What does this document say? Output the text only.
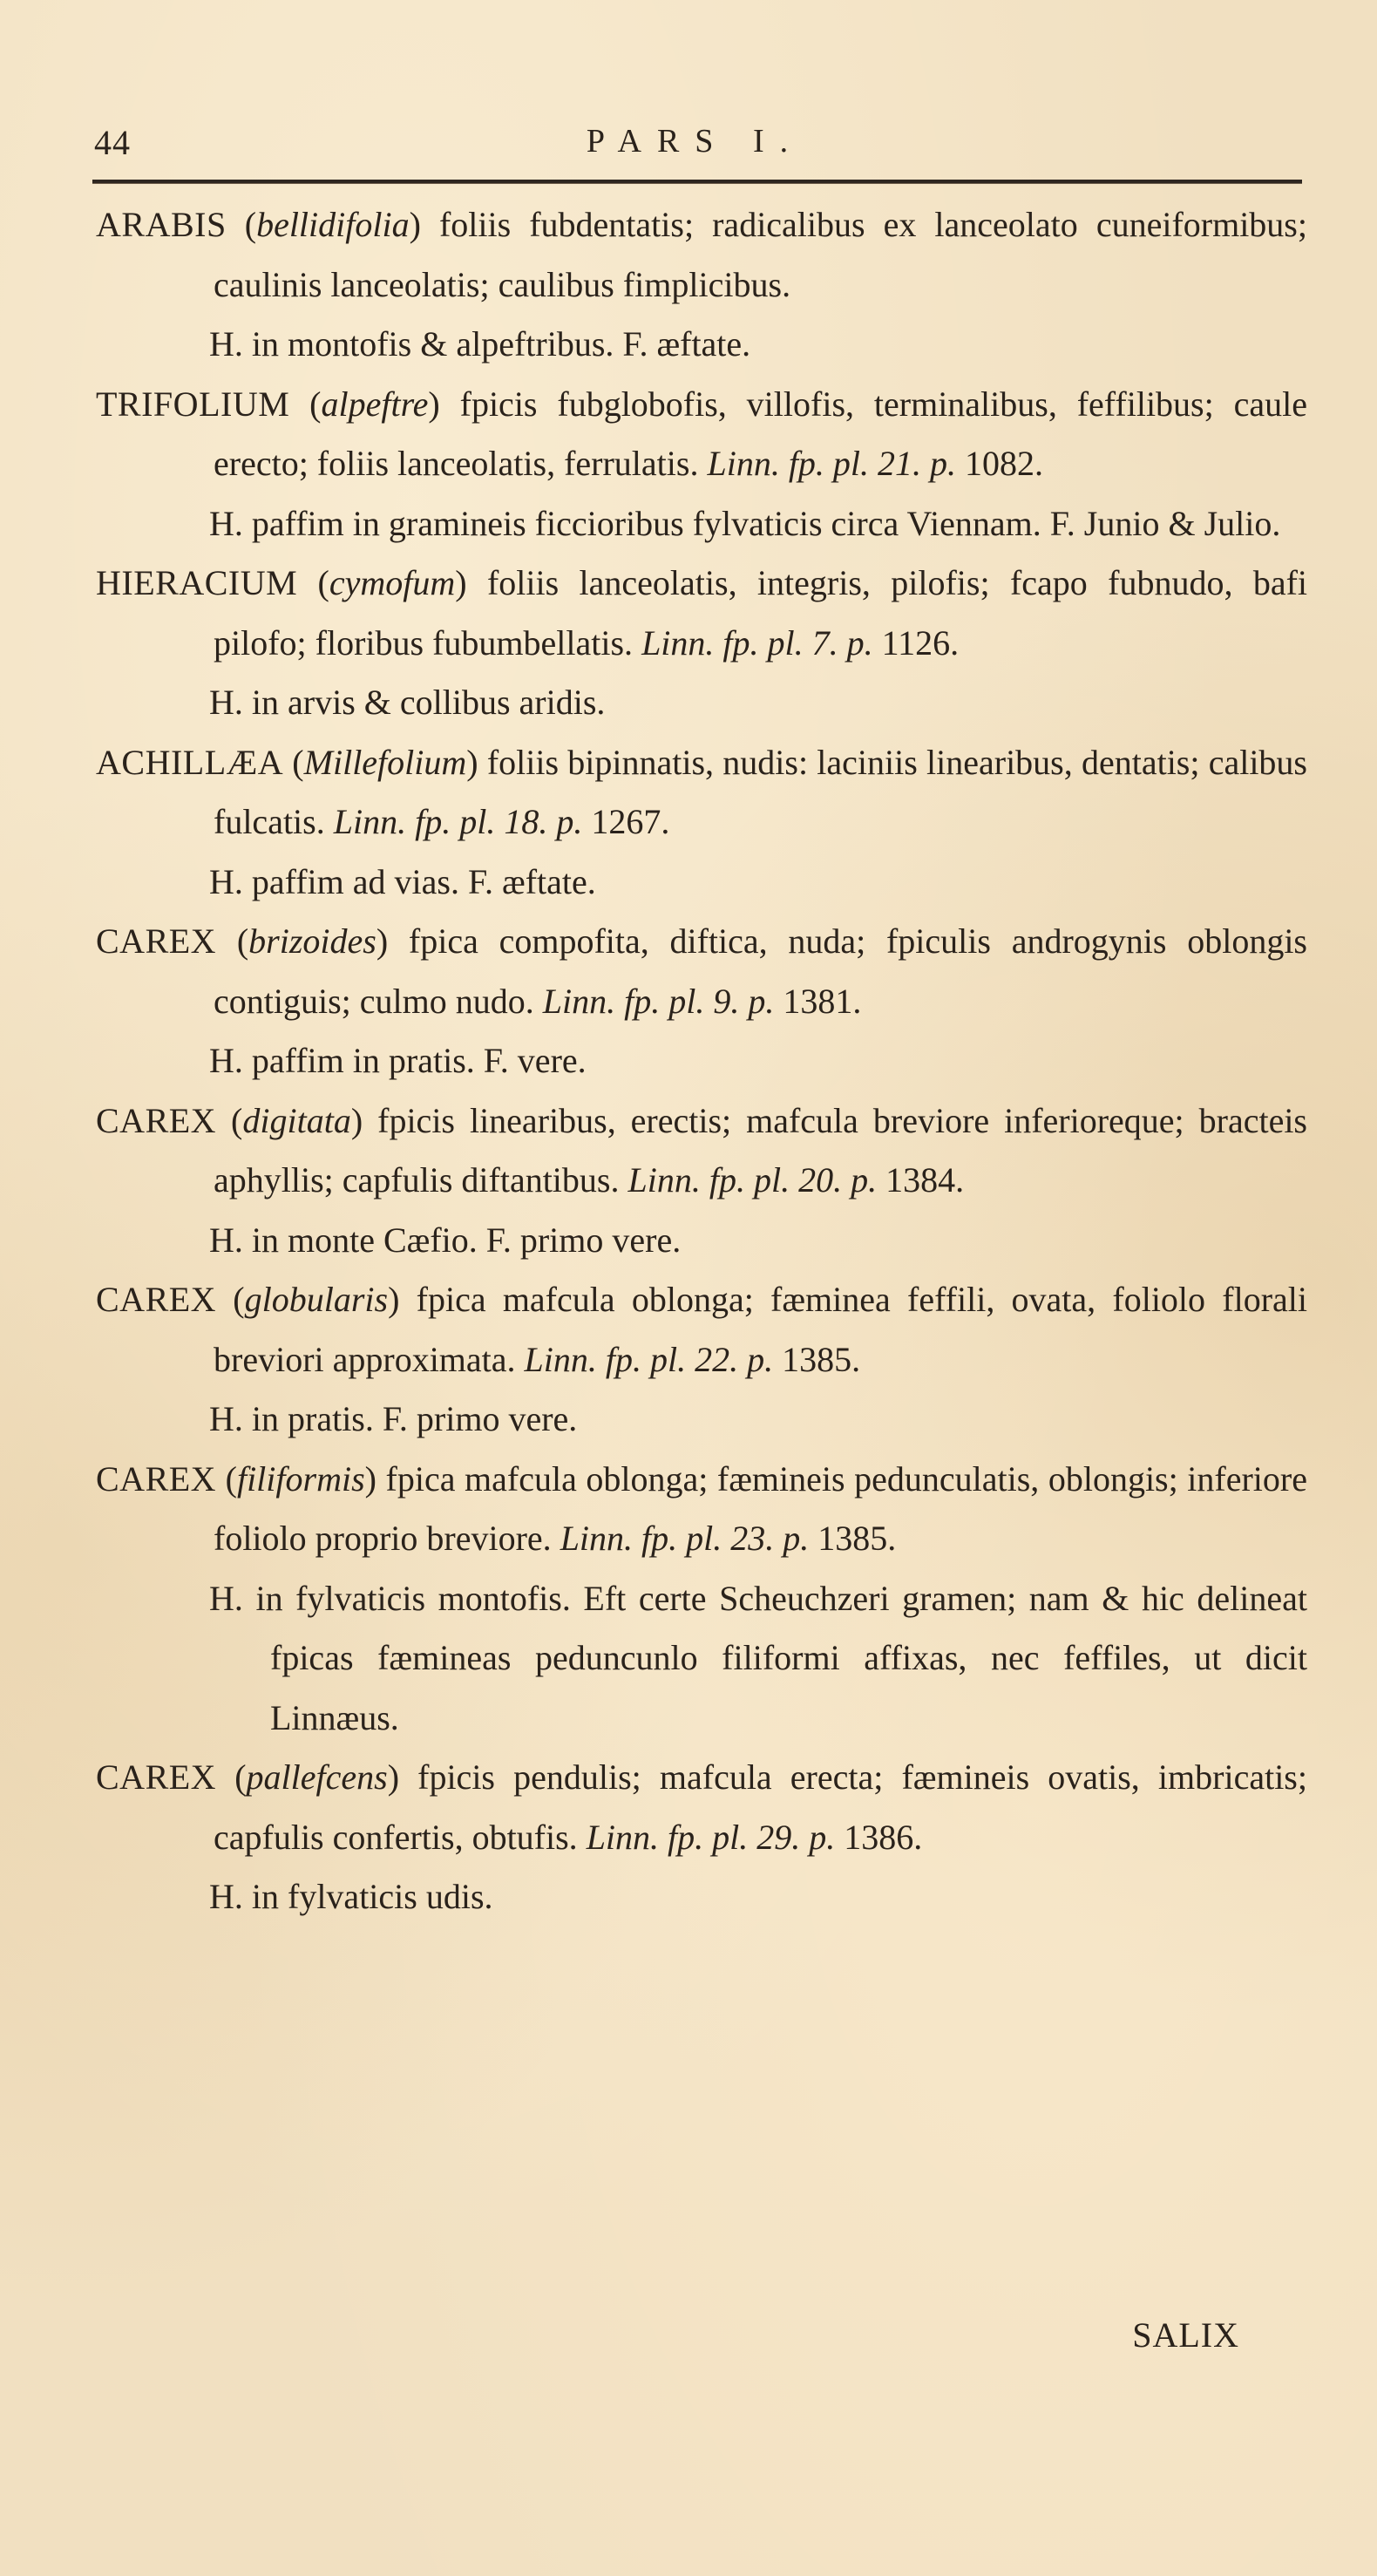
44	PARS I.

ARABIS (bellidifolia) foliis fubdentatis; radicalibus ex lanceolato cuneiformibus; caulinis lanceolatis; caulibus fimplicibus.

H. in montofis & alpeftribus. F. æftate.

TRIFOLIUM (alpeftre) fpicis fubglobofis, villofis, terminalibus, feffilibus; caule erecto; foliis lanceolatis, ferrulatis. Linn. fp. pl. 21. p. 1082.

H. paffim in gramineis ficcioribus fylvaticis circa Viennam. F. Junio & Julio.

HIERACIUM (cymofum) foliis lanceolatis, integris, pilofis; fcapo fubnudo, bafi pilofo; floribus fubumbellatis. Linn. fp. pl. 7. p. 1126.

H. in arvis & collibus aridis.

ACHILLÆA (Millefolium) foliis bipinnatis, nudis: laciniis linearibus, dentatis; calibus fulcatis. Linn. fp. pl. 18. p. 1267.

H. paffim ad vias. F. æftate.

CAREX (brizoides) fpica compofita, diftica, nuda; fpiculis androgynis oblongis contiguis; culmo nudo. Linn. fp. pl. 9. p. 1381.

H. paffim in pratis. F. vere.

CAREX (digitata) fpicis linearibus, erectis; mafcula breviore inferioreque; bracteis aphyllis; capfulis diftantibus. Linn. fp. pl. 20. p. 1384.

H. in monte Cæfio. F. primo vere.

CAREX (globularis) fpica mafcula oblonga; fæminea feffili, ovata, foliolo florali breviori approximata. Linn. fp. pl. 22. p. 1385.

H. in pratis. F. primo vere.

CAREX (filiformis) fpica mafcula oblonga; fæmineis pedunculatis, oblongis; inferiore foliolo proprio breviore. Linn. fp. pl. 23. p. 1385.

H. in fylvaticis montofis. Eft certe Scheuchzeri gramen; nam & hic delineat fpicas fæmineas peduncunlo filiformi affixas, nec feffiles, ut dicit Linnæus.

CAREX (pallefcens) fpicis pendulis; mafcula erecta; fæmineis ovatis, imbricatis; capfulis confertis, obtufis. Linn. fp. pl. 29. p. 1386.

H. in fylvaticis udis.

SALIX
